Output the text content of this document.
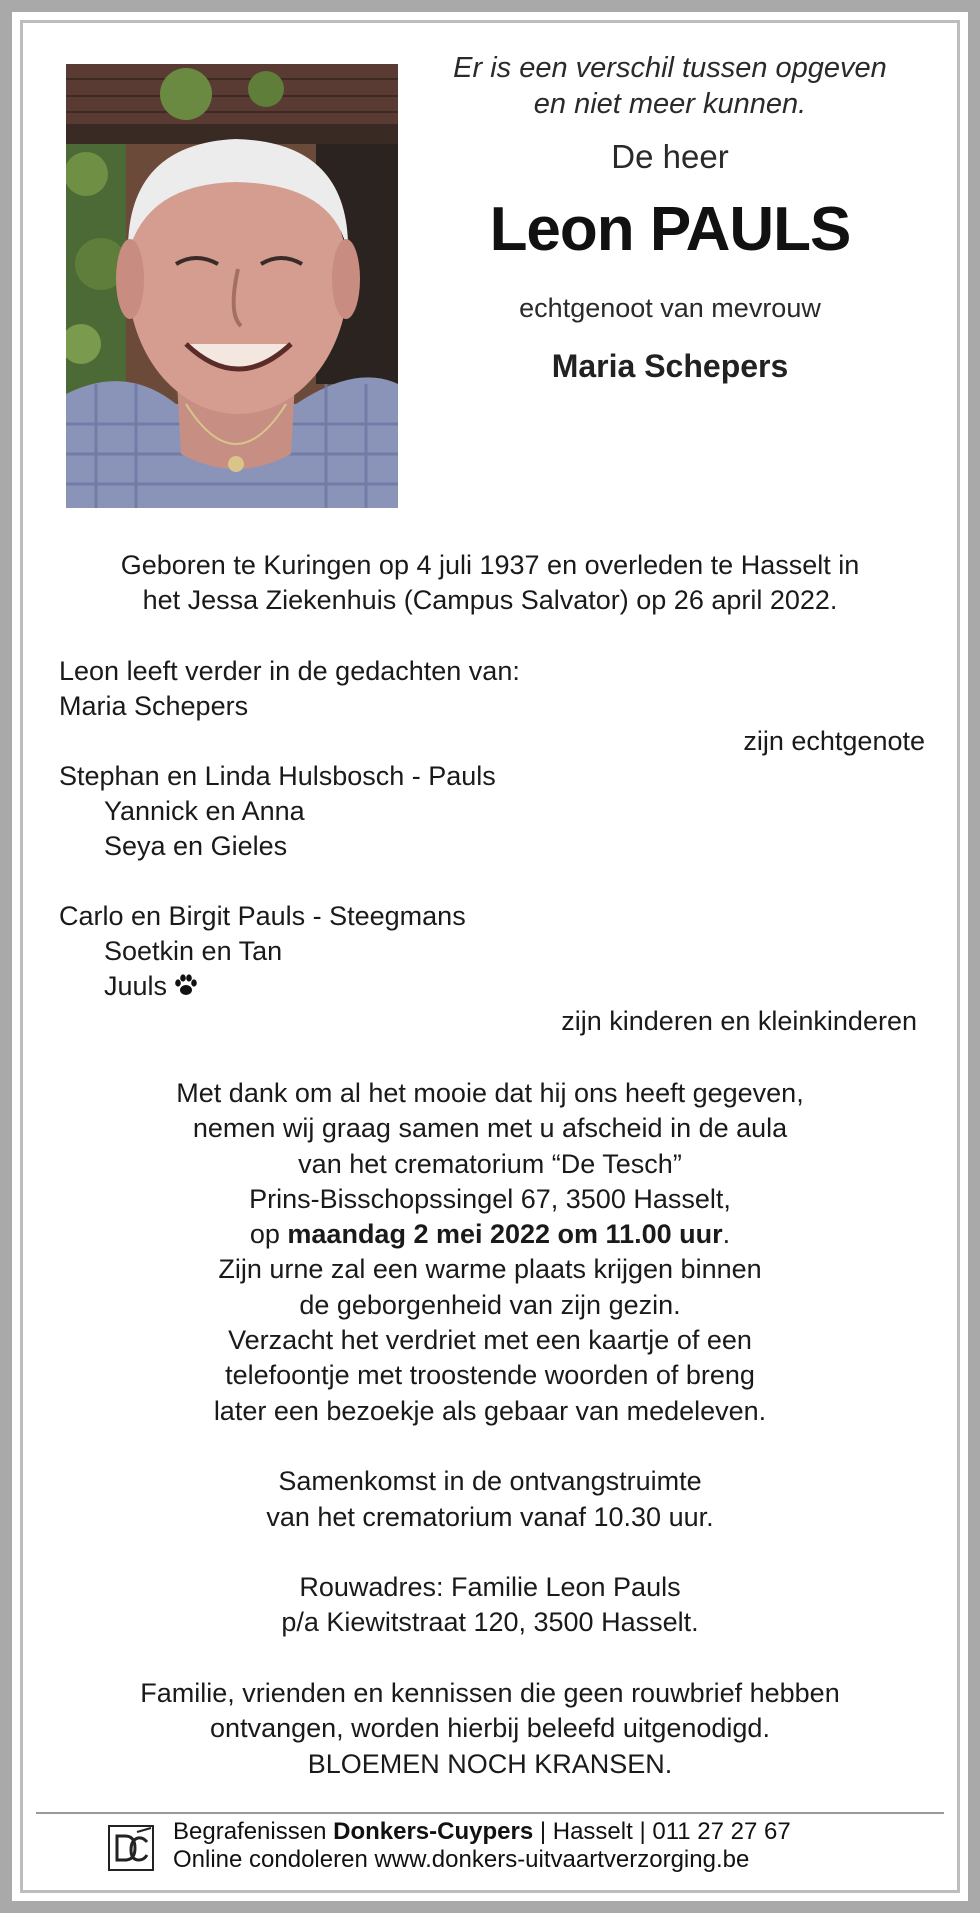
Er is een verschil tussen opgeven
en niet meer kunnen.
De heer
Leon PAULS
echtgenoot van mevrouw
Maria Schepers
Geboren te Kuringen op 4 juli 1937 en overleden te Hasselt in
het Jessa Ziekenhuis (Campus Salvator) op 26 april 2022.
Leon leeft verder in de gedachten van:
Maria Schepers
zijn echtgenote
Stephan en Linda Hulsbosch - Pauls
Yannick en Anna
Seya en Gieles
Carlo en Birgit Pauls - Steegmans
Soetkin en Tan
Juuls
zijn kinderen en kleinkinderen
Met dank om al het mooie dat hij ons heeft gegeven,
nemen wij graag samen met u afscheid in de aula
van het crematorium “De Tesch”
Prins-Bisschopssingel 67, 3500 Hasselt,
op maandag 2 mei 2022 om 11.00 uur.
Zijn urne zal een warme plaats krijgen binnen
de geborgenheid van zijn gezin.
Verzacht het verdriet met een kaartje of een
telefoontje met troostende woorden of breng
later een bezoekje als gebaar van medeleven.
Samenkomst in de ontvangstruimte
van het crematorium vanaf 10.30 uur.
Rouwadres: Familie Leon Pauls
p/a Kiewitstraat 120, 3500 Hasselt.
Familie, vrienden en kennissen die geen rouwbrief hebben
ontvangen, worden hierbij beleefd uitgenodigd.
BLOEMEN NOCH KRANSEN.
Begrafenissen Donkers-Cuypers | Hasselt | 011 27 27 67
Online condoleren www.donkers-uitvaartverzorging.be
